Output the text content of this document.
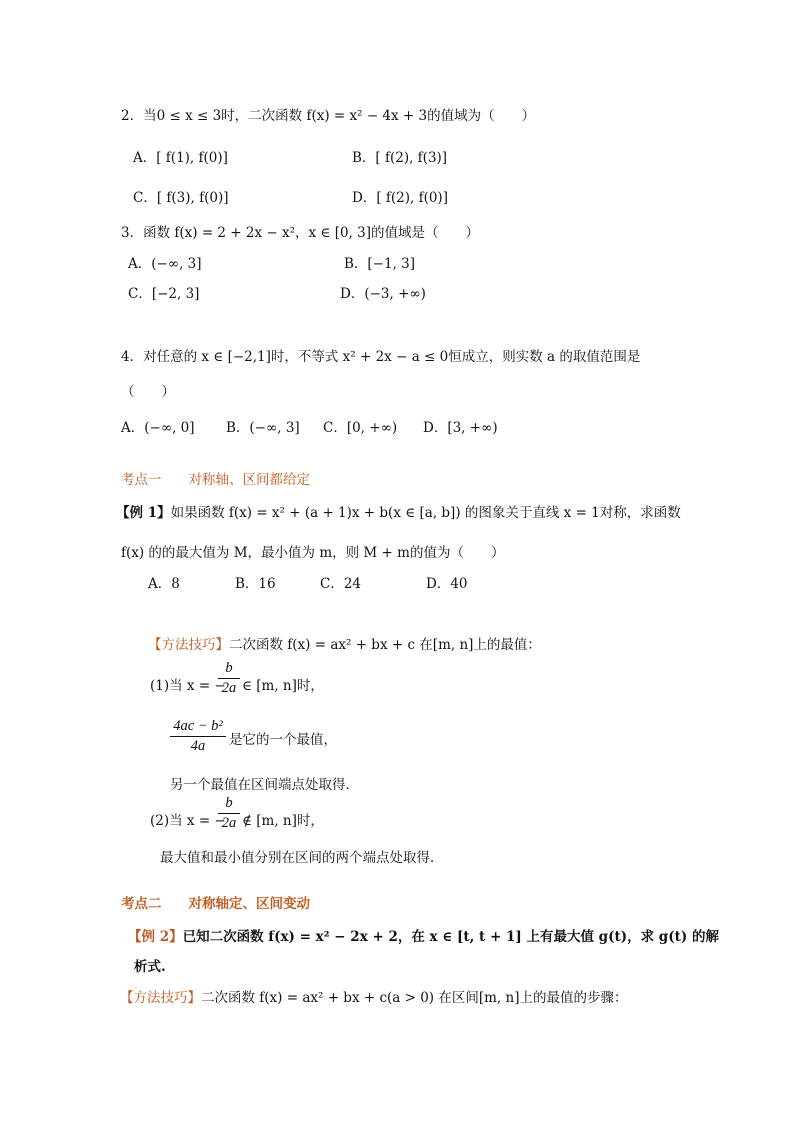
2．当0 ≤ x ≤ 3时，二次函数 f(x) = x² − 4x + 3的值域为（　　）
A．[ f(1), f(0)]	B．[ f(2), f(3)]
C．[ f(3), f(0)]	D．[ f(2), f(0)]
3．函数 f(x) = 2 + 2x − x²，x ∈ [0, 3]的值域是（　　）
A．(−∞, 3]	B．[−1, 3]
C．[−2, 3]	D．(−3, +∞)
4．对任意的 x ∈ [−2,1]时，不等式 x² + 2x − a ≤ 0恒成立，则实数 a 的取值范围是
（　　）
A．(−∞, 0] B．(−∞, 3] C．[0, +∞) D．[3, +∞)
考点一　　对称轴、区间都给定
【例 1】如果函数 f(x) = x² + (a + 1)x + b(x ∈ [a, b]) 的图象关于直线 x = 1对称，求函数
f(x) 的的最大值为 M，最小值为 m，则 M + m的值为（　　）
A．8	B．16	C．24	D．40
【方法技巧】二次函数 f(x) = ax² + bx + c 在[m, n]上的最值：
(1)当 x = −
b
2a ∈ [m, n]时，
4ac − b²
4a	是它的一个最值，
另一个最值在区间端点处取得．
(2)当 x = −
b
2a ∉ [m, n]时，
最大值和最小值分别在区间的两个端点处取得．
考点二　　对称轴定、区间变动
【例 2】已知二次函数 f(x) = x² − 2x + 2，在 x ∈ [t, t + 1] 上有最大值 g(t)，求 g(t) 的解
析式.
【方法技巧】二次函数 f(x) = ax² + bx + c(a > 0) 在区间[m, n]上的最值的步骤：
